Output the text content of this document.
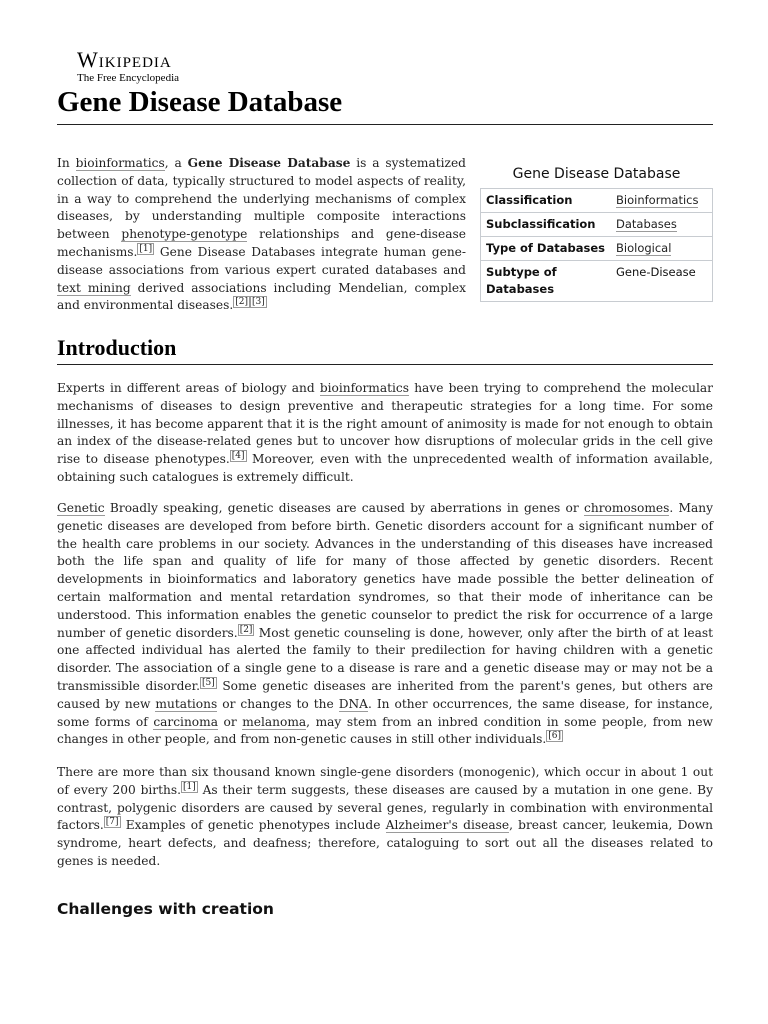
Wikipedia
The Free Encyclopedia
Gene Disease Database

In bioinformatics, a Gene Disease Database is a systematized collection of data, typically structured to model aspects of reality, in a way to comprehend the underlying mechanisms of complex diseases, by understanding multiple composite interactions between phenotype-genotype relationships and gene-disease mechanisms. [1] Gene Disease Databases integrate human gene-disease associations from various expert curated databases and text mining derived associations including Mendelian, complex and environmental diseases. [2] [3]

Gene Disease Database
Classification	Bioinformatics
Subclassification	Databases
Type of Databases	Biological
Subtype of Databases	Gene-Disease
Introduction

Experts in different areas of biology and bioinformatics have been trying to comprehend the molecular mechanisms of diseases to design preventive and therapeutic strategies for a long time. For some illnesses, it has become apparent that it is the right amount of animosity is made for not enough to obtain an index of the disease-related genes but to uncover how disruptions of molecular grids in the cell give rise to disease phenotypes. [4] Moreover, even with the unprecedented wealth of information available, obtaining such catalogues is extremely difficult.

Genetic Broadly speaking, genetic diseases are caused by aberrations in genes or chromosomes. Many genetic diseases are developed from before birth. Genetic disorders account for a significant number of the health care problems in our society. Advances in the understanding of this diseases have increased both the life span and quality of life for many of those affected by genetic disorders. Recent developments in bioinformatics and laboratory genetics have made possible the better delineation of certain malformation and mental retardation syndromes, so that their mode of inheritance can be understood. This information enables the genetic counselor to predict the risk for occurrence of a large number of genetic disorders. [2] Most genetic counseling is done, however, only after the birth of at least one affected individual has alerted the family to their predilection for having children with a genetic disorder. The association of a single gene to a disease is rare and a genetic disease may or may not be a transmissible disorder. [5] Some genetic diseases are inherited from the parent's genes, but others are caused by new mutations or changes to the DNA. In other occurrences, the same disease, for instance, some forms of carcinoma or melanoma, may stem from an inbred condition in some people, from new changes in other people, and from non-genetic causes in still other individuals. [6]

There are more than six thousand known single-gene disorders (monogenic), which occur in about 1 out of every 200 births. [1] As their term suggests, these diseases are caused by a mutation in one gene. By contrast, polygenic disorders are caused by several genes, regularly in combination with environmental factors. [7] Examples of genetic phenotypes include Alzheimer's disease, breast cancer, leukemia, Down syndrome, heart defects, and deafness; therefore, cataloguing to sort out all the diseases related to genes is needed.

Challenges with creation
